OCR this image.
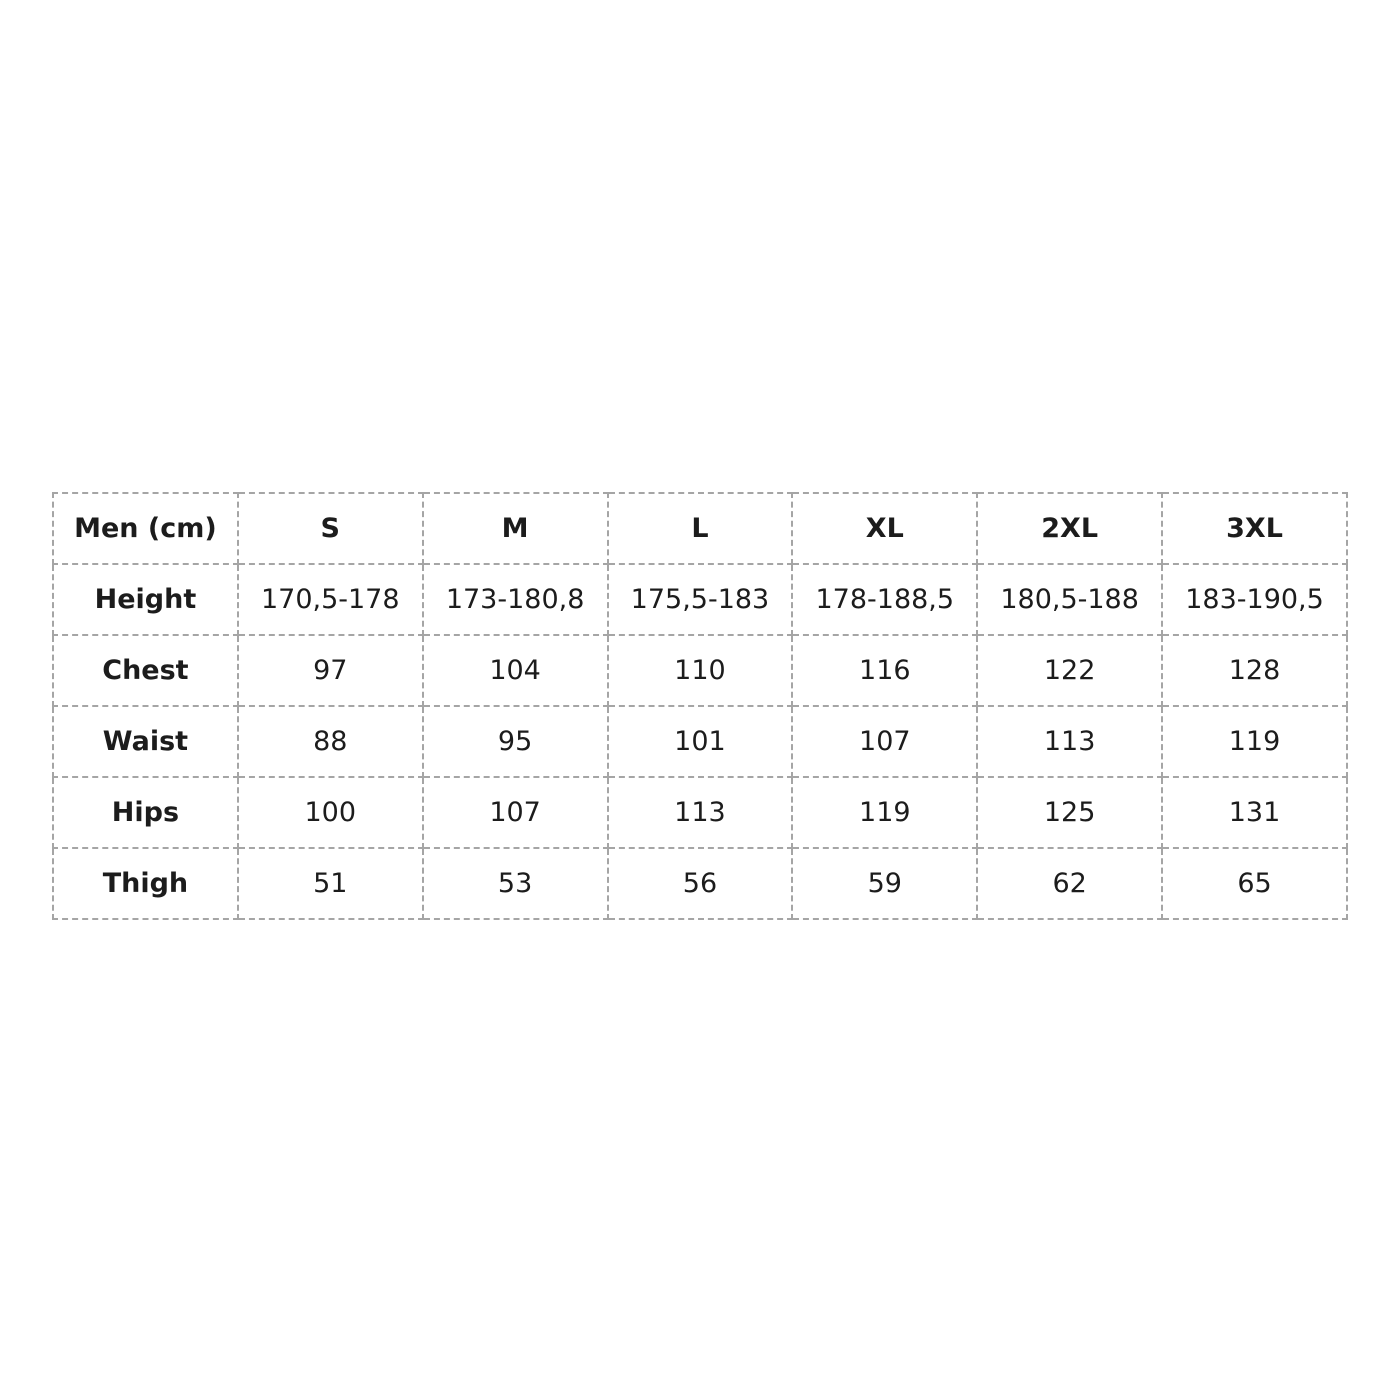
Men (cm)	S	M	L	XL	2XL	3XL
Height	170,5-178	173-180,8	175,5-183	178-188,5	180,5-188	183-190,5
Chest	97	104	110	116	122	128
Waist	88	95	101	107	113	119
Hips	100	107	113	119	125	131
Thigh	51	53	56	59	62	65
